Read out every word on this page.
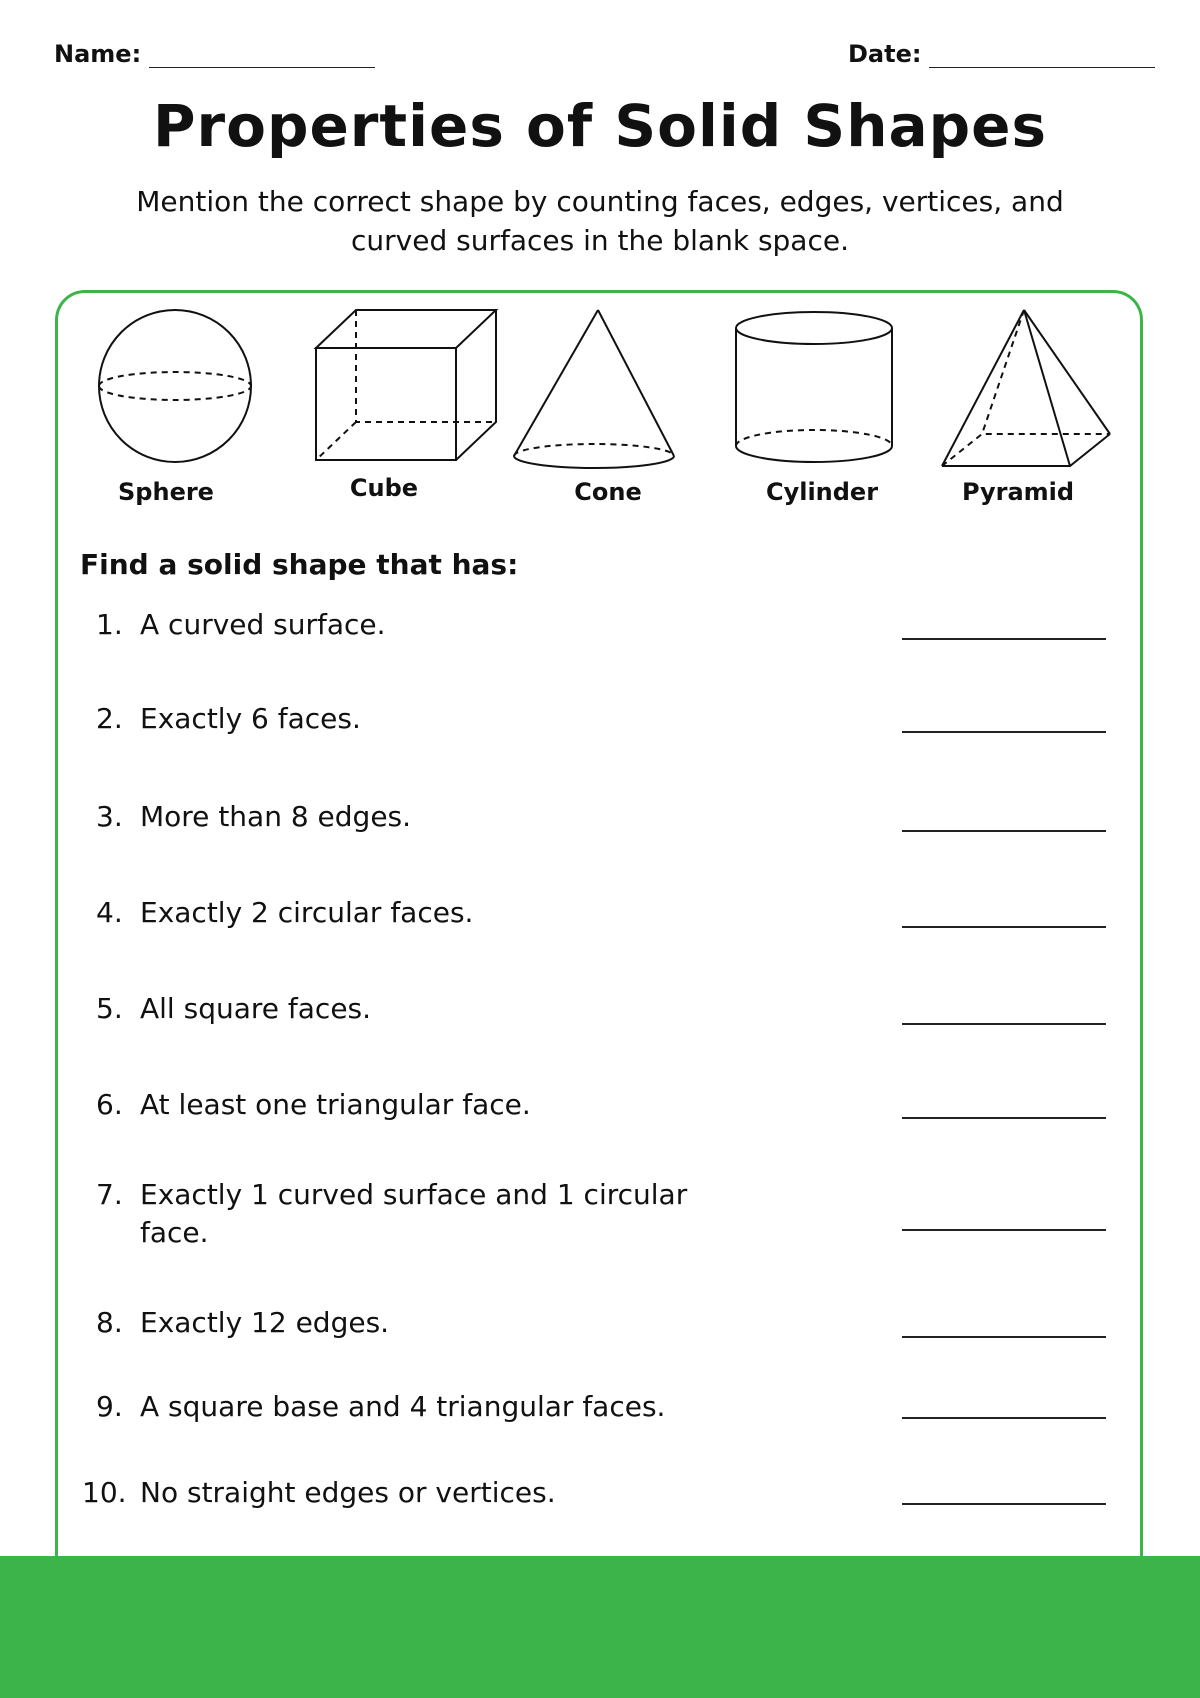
Name:	Date:
Properties of Solid Shapes

Mention the correct shape by counting faces, edges, vertices, and curved surfaces in the blank space.

Sphere	Cube	Cone	Cylinder	Pyramid

Find a solid shape that has:

1. A curved surface.
2. Exactly 6 faces.
3. More than 8 edges.
4. Exactly 2 circular faces.
5. All square faces.
6. At least one triangular face.
7. Exactly 1 curved surface and 1 circular face.
8. Exactly 12 edges.
9. A square base and 4 triangular faces.
10. No straight edges or vertices.
